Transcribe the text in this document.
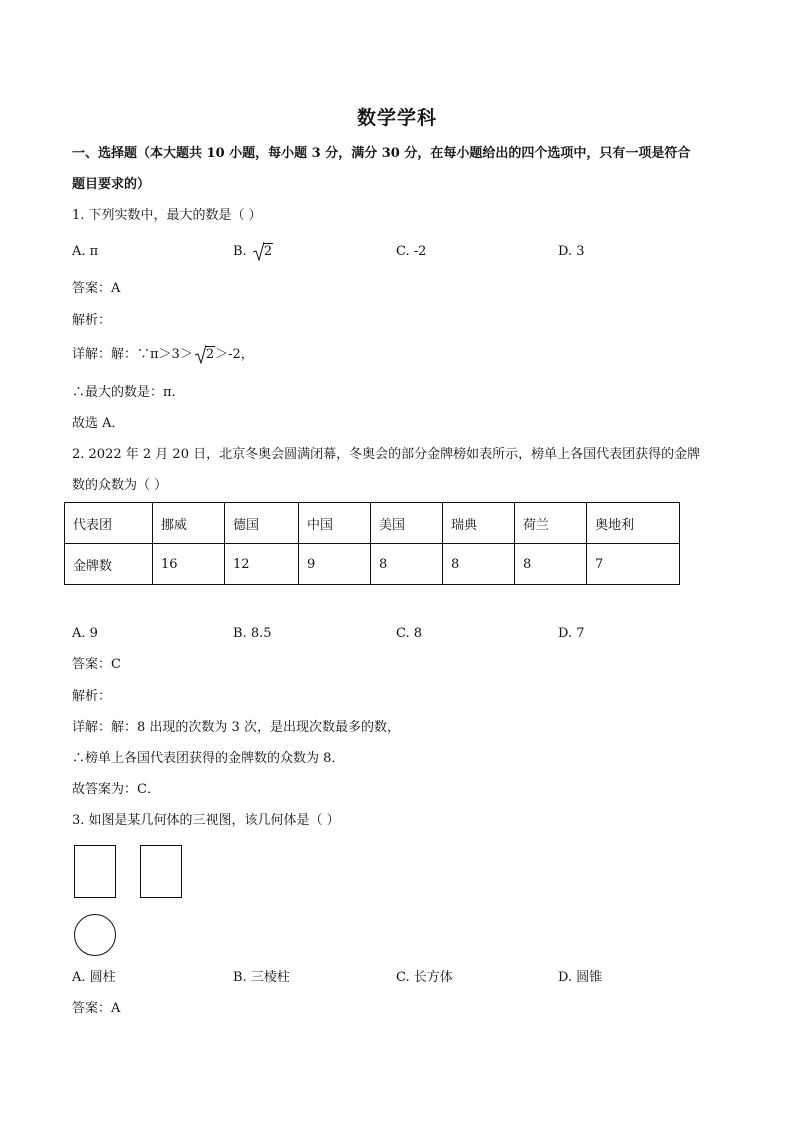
数学学科
一、选择题（本大题共 10 小题，每小题 3 分，满分 30 分，在每小题给出的四个选项中，只有一项是符合
题目要求的）
1. 下列实数中，最大的数是（ ）
A. π	B.
2	C. -2	D. 3
答案：A
解析：
详解：解：∵π＞3＞ 2＞-2，
∴最大的数是：π.
故选 A．
2. 2022 年 2 月 20 日，北京冬奥会圆满闭幕，冬奥会的部分金牌榜如表所示，榜单上各国代表团获得的金牌
数的众数为（ ）
代表团	挪威	德国	中国	美国	瑞典	荷兰	奥地利
金牌数	16	12	9	8	8	8	7
A. 9	B. 8.5	C. 8	D. 7
答案：C
解析：
详解：解：8 出现的次数为 3 次，是出现次数最多的数，
∴榜单上各国代表团获得的金牌数的众数为 8．
故答案为：C．
3. 如图是某几何体的三视图，该几何体是（ ）
A. 圆柱	B. 三棱柱	C. 长方体	D. 圆锥
答案：A
